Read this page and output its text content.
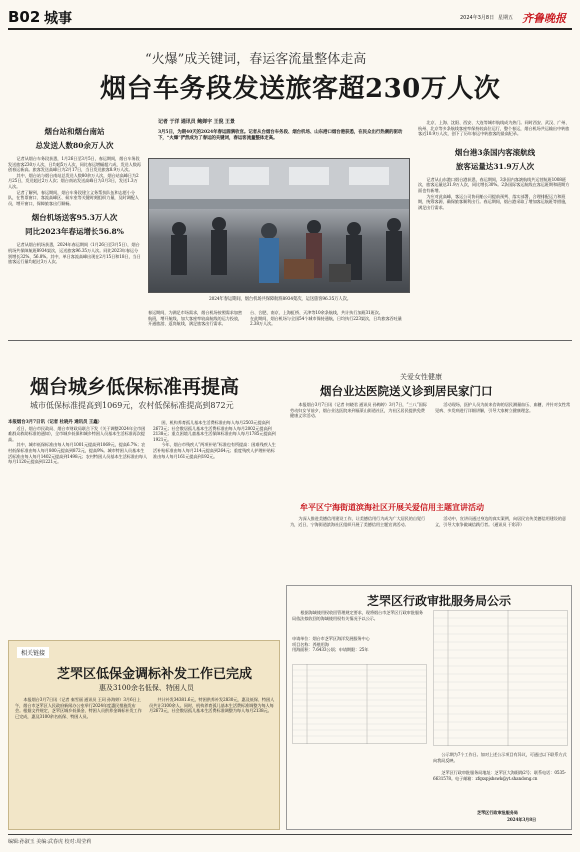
B02 城事	2024年3月8日 星期五 齐鲁晚报
“火爆”成关键词，春运客流量整体走高
烟台车务段发送旅客超230万人次
烟台站和烟台南站
总发送人数80余万人次

记者从烟台车务段获悉，1月26日至3月5日，春运期间，烟台车务段发送旅客230万人次，日均超5万人次，同比春运增幅超六成，发送人数再创春运新高。旅客发送高峰日为2月17日，当日发送旅客8.9万人次。

其中，烟台站与烟台南站总发送人数80余万人次，烟台站高峰日为2月25日，发送超过2万人次；烟台南站发送高峰日为3月3日，发送1.3万人次。

记者了解到，春运期间，烟台车务段建立义务帮扶队伍和志愿小分队，在售票窗口、客流高峰区、候车室等关键时刻组织力量，及时调配人员，增开窗口，保障旅客出行顺畅。

烟台机场送客95.3万人次
同比2023年春运增长56.8%

记者从烟台机场获悉，2024年春运期间（1月26日至3月5日），烟台机场共保障航班8934架次，运送旅客96.35万人次。同比2023年春运分别增长32%、56.8%。其中，单日客流高峰出现在2月15日和18日，当日旅客运行量均超过3万人次。

记者 于洋 通讯员 鲍婵宇 王倪 王景
3月5日，为期40天的2024年春运圆满收官。记者从台烟台车务段、烟台机场、山东港口烟台港获悉，在民众出行热潮的驱动下，“火爆”俨然成为了春运的关键词，春运客流量整体走高。
2024年春运期间，烟台机场共保障航班8934架次，运送旅客96.35万人次。
春运期间，为满足市场需求，烟台机场按照需求加密航班，增开航线，加大客座率较高航线的运力投放，开通旅游、返岗航线，满足旅客出行需求。
台、合肥、南京、上海虹桥、天津等10余条航线，共计执行加班31班次。
在此期间，烟台机场与全国54个城市保持通航，日均执行223架次，日均旅客吞吐量2.38万人次。

北京、上海、沈阳、西安、大连等城市航线成为热门。同时西安、武汉、广州、杭州、北京等多条航线客座率保持较高位运行，整个春运，烟台机场共运输出中转旅客近10.9万人次，创下了历年春运中转旅客的最高纪录。

烟台港3条国内客滚航线
旅客运量达31.9万人次

记者从山东港口烟台港获悉，春运期间，3条国内客滚航线共运营航班1008班次，旅客运量达31.9万人次，同比增长30%。2条国际客运航线在客运班期和班期方面也有新增。

为应对此高峰，客运公司协同船公司提前预判、落实部署，合理排配运力和班期，统筹客源，确保旅客顺利出行。春运期间，烟台港采取了增加客运航班等措施，满足出行需求。

烟台城乡低保标准再提高
城市低保标准提高到1069元，农村低保标准提高到872元

本报烟台3月7日讯（记者 杜晓丹 通讯员 王鑫）

近日，烟台市民政局、烟台市财政局联合下发《关于调整2024年全市困难群众救助标准的通知》，全市城乡低保和城乡特困人员基本生活标准再次提高。

其中，城市低保标准由每人每月1001元提高到1069元，提高6.7%；农村低保标准由每人每月800元提高到872元，提高9%。城市特困人员基本生活标准由每人每月1402元提高到1498元；农村特困人员基本生活标准由每人每月1120元提高到1221元。

困，机构养育孤儿基本生活费标准由每人每月2503元提高到2673元；社会散居孤儿基本生活费标准由每人每月2002元提高到2138元；重点困境儿童基本生活保障标准由每人每月1785元提高到1921元。

今年，烟台市残疾人“两项补贴”标准也有所提高：困难残疾人生活补贴标准由每人每月214元提高到264元；重度残疾人护理补贴标准由每人每月161元提高到192元。

相关链接
芝罘区低保金调标补发工作已完成
惠及3100余名低保、特困人员
本报烟台3月7日讯（记者 秦雪丽 通讯员 王珂 孙海婷）3月6日上午，烟台市芝罘区人民政府新闻办公室举行2024年度惠民措施发布会。根据文件规定，芝罘区城乡低保金、特困人员供养金调标补发工作已完成，惠及3100余名低保、特困人员。
共计补发34381.6元，特困供养补发2830元，惠及低保、特困人员共计3100余人。同时，机构养育孤儿基本生活费标准调整为每人每月2673元，社会散居孤儿基本生活费标准调整为每人每月2138元。
关爱女性健康
烟台业达医院送义诊到居民家门口

本报烟台3月7日讯（记者 何晓君 通讯员 孙梅婷）3月7日，“三八”国际劳动妇女节前夕，烟台业达医院来到福莱山街道社区，为社区居民提供免费健康义诊活动。

活动现场，医护人员为前来咨询的居民测量血压、血糖，并针对女性常见病、多发病进行详细讲解，引导大家树立健康理念。

牟平区宁海街道滨海社区开展关爱信用主题宣讲活动

为深入推进美德信用建设工作，让美德信用行为成为广大居民的自觉行为，近日，宁海街道滨海社区组织开展了美德信用主题宣讲活动。

活动中，宣讲员通过身边的真实案例，向居民宣传美德信用建设的意义，引导大家争做诚信践行者。（通讯员 于彩萍）

芝罘区行政审批服务局公示
根据海域使用权收回管理规定要求，现将烟台市芝罘区行政审批服务局依法拟收回的海域使用权有关情况予以公示。

申请单位：烟台市芝罘区海洋发展服务中心

项目名称：养殖用海

用海面积：7.6433公顷；申请期限：25年

公示期为7个工作日。如对上述公示项目有异议，可通过以下联系方式向我局反映。
芝罘区行政审批服务局地址：芝罘区大海阳路2号；联系电话：0535-6631578。电子邮箱：zfqxspjshswk@yt.shandong.cn
芝罘区行政审批服务局
2024年3月8日
编辑:孙淑玉 美编:武春虎 校对:周莹莉
